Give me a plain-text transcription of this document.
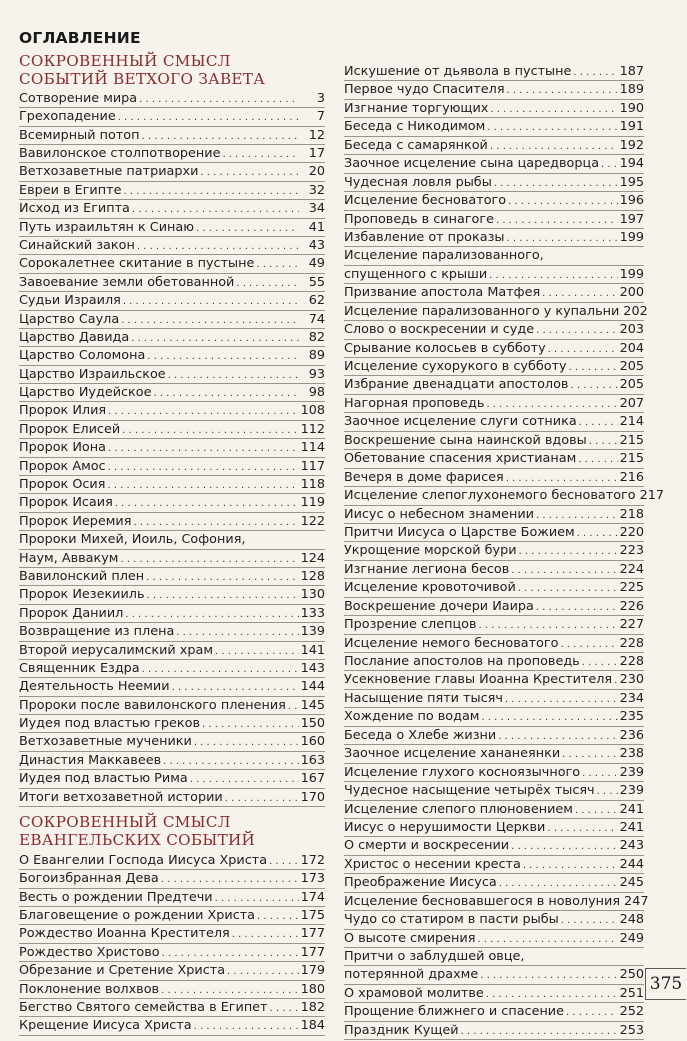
ОГЛАВЛЕНИЕ
СОКРОВЕННЫЙ СМЫСЛ
СОБЫТИЙ ВЕТХОГО ЗАВЕТА
Сотворение мира . . .	3
Грехопадение . . .	7
Всемирный потоп . . .	12
Вавилонское столпотворение . . .	17
Ветхозаветные патриархи . . .	20
Евреи в Египте . . .	32
Исход из Египта . . .	34
Путь израильтян к Синаю . . .	41
Синайский закон . . .	43
Сорокалетнее скитание в пустыне . . .	49
Завоевание земли обетованной . . .	55
Судьи Израиля . . .	62
Царство Саула . . .	74
Царство Давида . . .	82
Царство Соломона . . .	89
Царство Израильское . . .	93
Царство Иудейское . . .	98
Пророк Илия . . .	108
Пророк Елисей . . .	112
Пророк Иона . . .	114
Пророк Амос . . .	117
Пророк Осия . . .	118
Пророк Исаия . . .	119
Пророк Иеремия . . .	122
Пророки Михей, Иоиль, Софония,
Наум, Аввакум . . .	124
Вавилонский плен . . .	128
Пророк Иезекииль . . .	130
Пророк Даниил . . .	133
Возвращение из плена . . .	139
Второй иерусалимский храм . . .	141
Священник Ездра . . .	143
Деятельность Неемии . . .	144
Пророки после вавилонского пленения . . . 145
Иудея под властью греков . . .	150
Ветхозаветные мученики . . .	160
Династия Маккавеев . . .	163
Иудея под властью Рима . . .	167
Итоги ветхозаветной истории . . .	170
СОКРОВЕННЫЙ СМЫСЛ
ЕВАНГЕЛЬСКИХ СОБЫТИЙ
О Евангелии Господа Иисуса Христа . . .	172
Богоизбранная Дева . . .	173
Весть о рождении Предтечи . . .	174
Благовещение о рождении Христа . . .	175
Рождество Иоанна Крестителя . . .	177
Рождество Христово . . .	177
Обрезание и Сретение Христа . . .	179
Поклонение волхвов . . .	180
Бегство Святого семейства в Египет . . .	182
Крещение Иисуса Христа . . .	184
Искушение от дьявола в пустыне . . .	187
Первое чудо Спасителя . . .	189
Изгнание торгующих . . .	190
Беседа с Никодимом . . .	191
Беседа с самарянкой . . .	192
Заочное исцеление сына царедворца . . . 194
Чудесная ловля рыбы . . .	195
Исцеление бесноватого . . .	196
Проповедь в синагоге . . .	197
Избавление от проказы . . .	199
Исцеление парализованного,
спущенного с крыши . . .	199
Призвание апостола Матфея . . .	200
Исцеление парализованного у купальни 202
Слово о воскресении и суде . . .	203
Срывание колосьев в субботу . . .	204
Исцеление сухорукого в субботу . . .	205
Избрание двенадцати апостолов . . .	205
Нагорная проповедь . . .	207
Заочное исцеление слуги сотника . . .	214
Воскрешение сына наинской вдовы . . .	215
Обетование спасения христианам . . .	215
Вечеря в доме фарисея . . .	216
Исцеление слепоглухонемого бесноватого 217
Иисус о небесном знамении . . .	218
Притчи Иисуса о Царстве Божием . . .	220
Укрощение морской бури . . .	223
Изгнание легиона бесов . . .	224
Исцеление кровоточивой . . .	225
Воскрешение дочери Иаира . . .	226
Прозрение слепцов . . .	227
Исцеление немого бесноватого . . .	228
Послание апостолов на проповедь . . .	228
Усекновение главы Иоанна Крестителя . . . 230
Насыщение пяти тысяч . . .	234
Хождение по водам . . .	235
Беседа о Хлебе жизни . . .	236
Заочное исцеление хананеянки . . .	238
Исцеление глухого косноязычного . . .	239
Чудесное насыщение четырёх тысяч . . . 239
Исцеление слепого плюновением . . .	241
Иисус о нерушимости Церкви . . .	241
О смерти и воскресении . . .	243
Христос о несении креста . . .	244
Преображение Иисуса . . .	245
Исцеление бесновавшегося в новолуния 247
Чудо со статиром в пасти рыбы . . .	248
О высоте смирения . . .	249
Притчи о заблудшей овце,
потерянной драхме . . .	250
О храмовой молитве . . .	251
Прощение ближнего и спасение . . .	252
Праздник Кущей . . .	253
375
